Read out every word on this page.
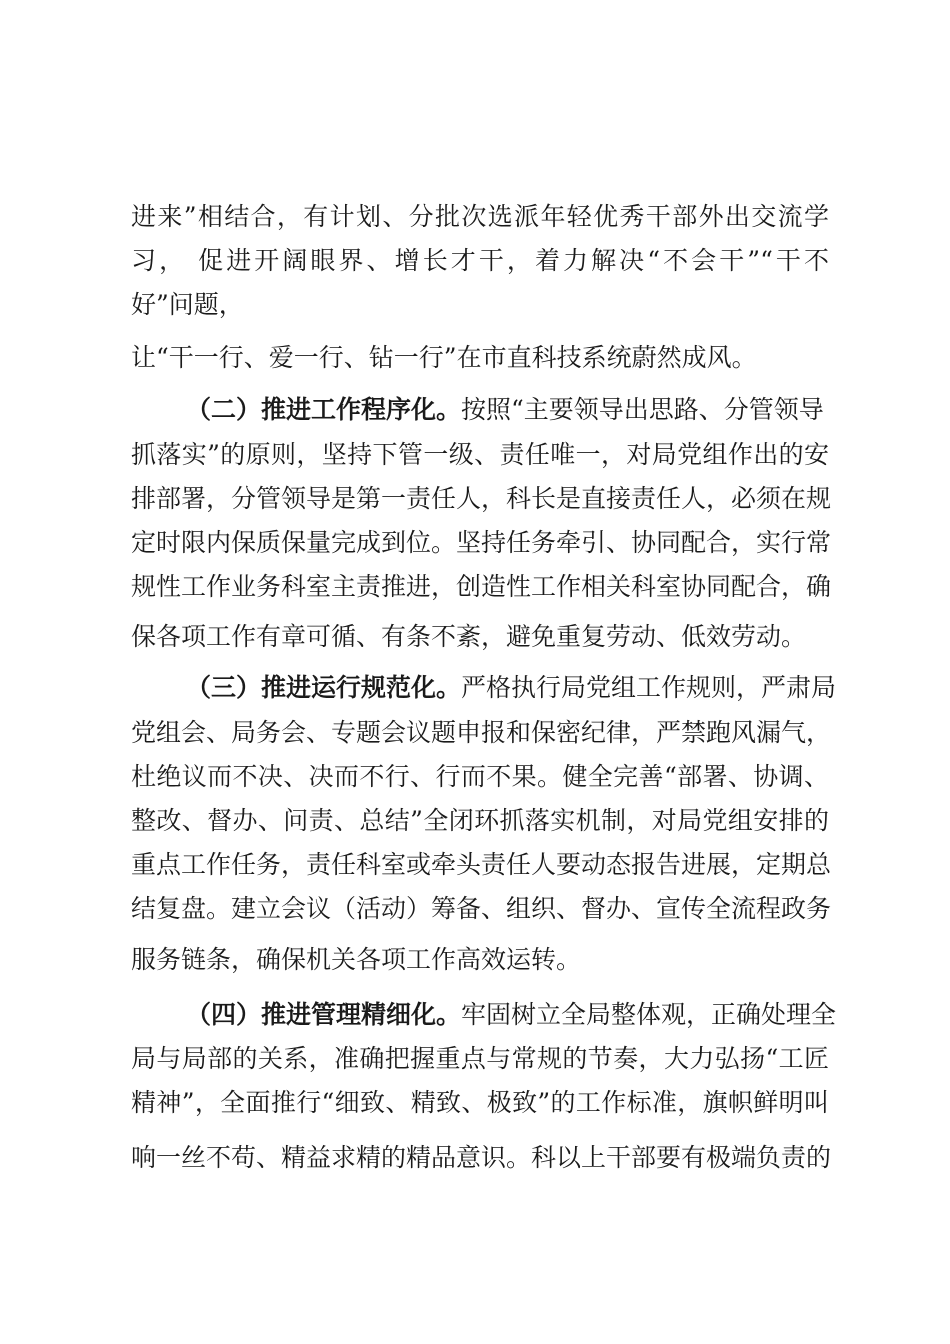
进来”相结合，有计划、分批次选派年轻优秀干部外出交流学
习， 促进开阔眼界、增长才干，着力解决“不会干”“干不
好”问题，
让“干一行、爱一行、钻一行”在市直科技系统蔚然成风。
（二）推进工作程序化。按照“主要领导出思路、分管领导
抓落实”的原则，坚持下管一级、责任唯一，对局党组作出的安
排部署，分管领导是第一责任人，科长是直接责任人，必须在规
定时限内保质保量完成到位。坚持任务牵引、协同配合，实行常
规性工作业务科室主责推进，创造性工作相关科室协同配合，确
保各项工作有章可循、有条不紊，避免重复劳动、低效劳动。
（三）推进运行规范化。严格执行局党组工作规则，严肃局
党组会、局务会、专题会议题申报和保密纪律，严禁跑风漏气，
杜绝议而不决、决而不行、行而不果。健全完善“部署、协调、
整改、督办、问责、总结”全闭环抓落实机制，对局党组安排的
重点工作任务，责任科室或牵头责任人要动态报告进展，定期总
结复盘。建立会议（活动）筹备、组织、督办、宣传全流程政务
服务链条，确保机关各项工作高效运转。
（四）推进管理精细化。牢固树立全局整体观，正确处理全
局与局部的关系，准确把握重点与常规的节奏，大力弘扬“工匠
精神”，全面推行“细致、精致、极致”的工作标准，旗帜鲜明叫
响一丝不苟、精益求精的精品意识。科以上干部要有极端负责的
